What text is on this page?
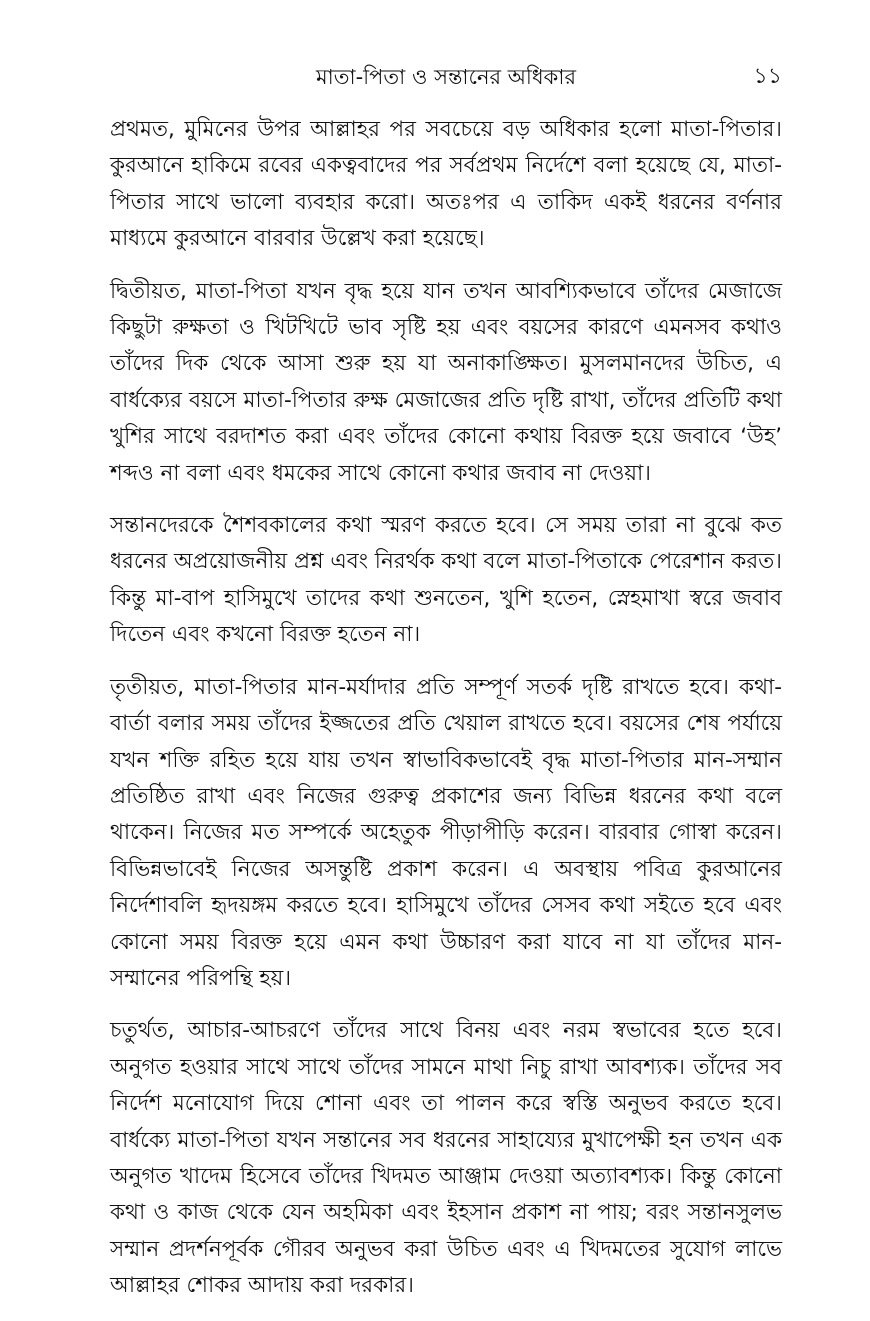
মাতা-পিতা ও সন্তানের অধিকার	১১

প্রথমত, মুমিনের উপর আল্লাহর পর সবচেয়ে বড় অধিকার হলো মাতা-পিতার। কুরআনে হাকিমে রবের একত্ববাদের পর সর্বপ্রথম নির্দেশে বলা হয়েছে যে, মাতা-পিতার সাথে ভালো ব্যবহার করো। অতঃপর এ তাকিদ একই ধরনের বর্ণনার মাধ্যমে কুরআনে বারবার উল্লেখ করা হয়েছে।

দ্বিতীয়ত, মাতা-পিতা যখন বৃদ্ধ হয়ে যান তখন আবশ্যিকভাবে তাঁদের মেজাজে কিছুটা রুক্ষতা ও খিটখিটে ভাব সৃষ্টি হয় এবং বয়সের কারণে এমনসব কথাও তাঁদের দিক থেকে আসা শুরু হয় যা অনাকাঙ্ক্ষিত। মুসলমানদের উচিত, এ বার্ধক্যের বয়সে মাতা-পিতার রুক্ষ মেজাজের প্রতি দৃষ্টি রাখা, তাঁদের প্রতিটি কথা খুশির সাথে বরদাশত করা এবং তাঁদের কোনো কথায় বিরক্ত হয়ে জবাবে ‘উহ’ শব্দও না বলা এবং ধমকের সাথে কোনো কথার জবাব না দেওয়া।

সন্তানদেরকে শৈশবকালের কথা স্মরণ করতে হবে। সে সময় তারা না বুঝে কত ধরনের অপ্রয়োজনীয় প্রশ্ন এবং নিরর্থক কথা বলে মাতা-পিতাকে পেরেশান করত। কিন্তু মা-বাপ হাসিমুখে তাদের কথা শুনতেন, খুশি হতেন, স্নেহমাখা স্বরে জবাব দিতেন এবং কখনো বিরক্ত হতেন না।

তৃতীয়ত, মাতা-পিতার মান-মর্যাদার প্রতি সম্পূর্ণ সতর্ক দৃষ্টি রাখতে হবে। কথা-বার্তা বলার সময় তাঁদের ইজ্জতের প্রতি খেয়াল রাখতে হবে। বয়সের শেষ পর্যায়ে যখন শক্তি রহিত হয়ে যায় তখন স্বাভাবিকভাবেই বৃদ্ধ মাতা-পিতার মান-সম্মান প্রতিষ্ঠিত রাখা এবং নিজের গুরুত্ব প্রকাশের জন্য বিভিন্ন ধরনের কথা বলে থাকেন। নিজের মত সম্পর্কে অহেতুক পীড়াপীড়ি করেন। বারবার গোস্বা করেন। বিভিন্নভাবেই নিজের অসন্তুষ্টি প্রকাশ করেন। এ অবস্থায় পবিত্র কুরআনের নির্দেশাবলি হৃদয়ঙ্গম করতে হবে। হাসিমুখে তাঁদের সেসব কথা সইতে হবে এবং কোনো সময় বিরক্ত হয়ে এমন কথা উচ্চারণ করা যাবে না যা তাঁদের মান-সম্মানের পরিপন্থি হয়।

চতুর্থত, আচার-আচরণে তাঁদের সাথে বিনয় এবং নরম স্বভাবের হতে হবে। অনুগত হওয়ার সাথে সাথে তাঁদের সামনে মাথা নিচু রাখা আবশ্যক। তাঁদের সব নির্দেশ মনোযোগ দিয়ে শোনা এবং তা পালন করে স্বস্তি অনুভব করতে হবে। বার্ধক্যে মাতা-পিতা যখন সন্তানের সব ধরনের সাহায্যের মুখাপেক্ষী হন তখন এক অনুগত খাদেম হিসেবে তাঁদের খিদমত আঞ্জাম দেওয়া অত্যাবশ্যক। কিন্তু কোনো কথা ও কাজ থেকে যেন অহমিকা এবং ইহসান প্রকাশ না পায়; বরং সন্তানসুলভ সম্মান প্রদর্শনপূর্বক গৌরব অনুভব করা উচিত এবং এ খিদমতের সুযোগ লাভে আল্লাহর শোকর আদায় করা দরকার।
